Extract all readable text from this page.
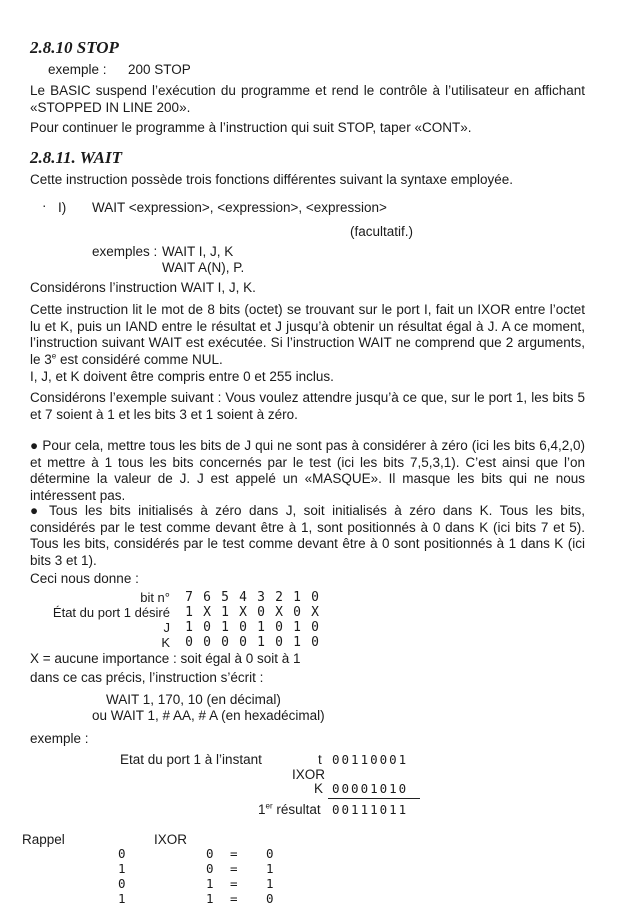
2.8.10 STOP
exemple : 200 STOP
Le BASIC suspend l’exécution du programme et rend le contrôle à l’utilisateur en affichant «STOPPED IN LINE 200».
Pour continuer le programme à l’instruction qui suit STOP, taper «CONT».
2.8.11. WAIT
Cette instruction possède trois fonctions différentes suivant la syntaxe employée.
· I) WAIT <expression>, <expression>, <expression>
(facultatif.)
exemples : WAIT I, J, K
WAIT A(N), P.
Considérons l’instruction WAIT I, J, K.
Cette instruction lit le mot de 8 bits (octet) se trouvant sur le port I, fait un IXOR entre l’octet lu et K, puis un IAND entre le résultat et J jusqu’à obtenir un résultat égal à J. A ce moment, l’instruction suivant WAIT est exécutée. Si l’instruction WAIT ne comprend que 2 arguments, le 3e est considéré comme NUL.
I, J, et K doivent être compris entre 0 et 255 inclus.
Considérons l’exemple suivant : Vous voulez attendre jusqu’à ce que, sur le port 1, les bits 5 et 7 soient à 1 et les bits 3 et 1 soient à zéro.
● Pour cela, mettre tous les bits de J qui ne sont pas à considérer à zéro (ici les bits 6,4,2,0) et mettre à 1 tous les bits concernés par le test (ici les bits 7,5,3,1). C’est ainsi que l’on détermine la valeur de J. J est appelé un «MASQUE». Il masque les bits qui ne nous intéressent pas.
● Tous les bits initialisés à zéro dans J, soit initialisés à zéro dans K. Tous les bits, considérés par le test comme devant être à 1, sont positionnés à 0 dans K (ici bits 7 et 5). Tous les bits, considérés par le test comme devant être à 0 sont positionnés à 1 dans K (ici bits 3 et 1).
Ceci nous donne :
bit n°	7	6	5	4	3	2	1	0
État du port 1 désiré	1	X	1	X	0	X	0	X
J	1	0	1	0	1	0	1	0
K	0	0	0	0	1	0	1	0
X = aucune importance : soit égal à 0 soit à 1
dans ce cas précis, l’instruction s’écrit :
WAIT 1, 170, 10 (en décimal)
ou WAIT 1, # AA, # A (en hexadécimal)
exemple :
Etat du port 1 à l’instant	t 00110001
IXOR
K 00001010
1er résultat 00111011
Rappel	IXOR
0	0	=	0
1	0	=	1
0	1	=	1
1	1	=	0
